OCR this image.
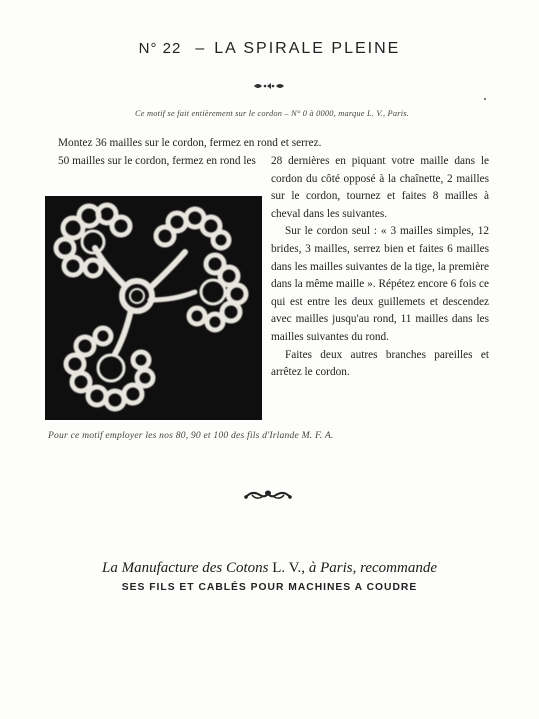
N° 22 – LA SPIRALE PLEINE
Ce motif se fait entièrement sur le cordon – N° 0 à 0000, marque L. V., Paris.
Montez 36 mailles sur le cordon, fermez en rond et serrez.
50 mailles sur le cordon, fermez en rond les 28 dernières en piquant votre maille dans le cordon du côté opposé à la chaînette, 2 mailles sur le cordon, tournez et faites 8 mailles à cheval dans les suivantes.

Sur le cordon seul : « 3 mailles simples, 12 brides, 3 mailles, serrez bien et faites 6 mailles dans les mailles suivantes de la tige, la première dans la même maille ». Répétez encore 6 fois ce qui est entre les deux guillemets et descendez avec mailles jusqu'au rond, 11 mailles dans les mailles suivantes du rond.

Faites deux autres branches pareilles et arrêtez le cordon.

Pour ce motif employer les nos 80, 90 et 100 des fils d'Irlande M. F. A.
La Manufacture des Cotons L. V., à Paris, recommande
SES FILS ET CABLÉS POUR MACHINES A COUDRE
